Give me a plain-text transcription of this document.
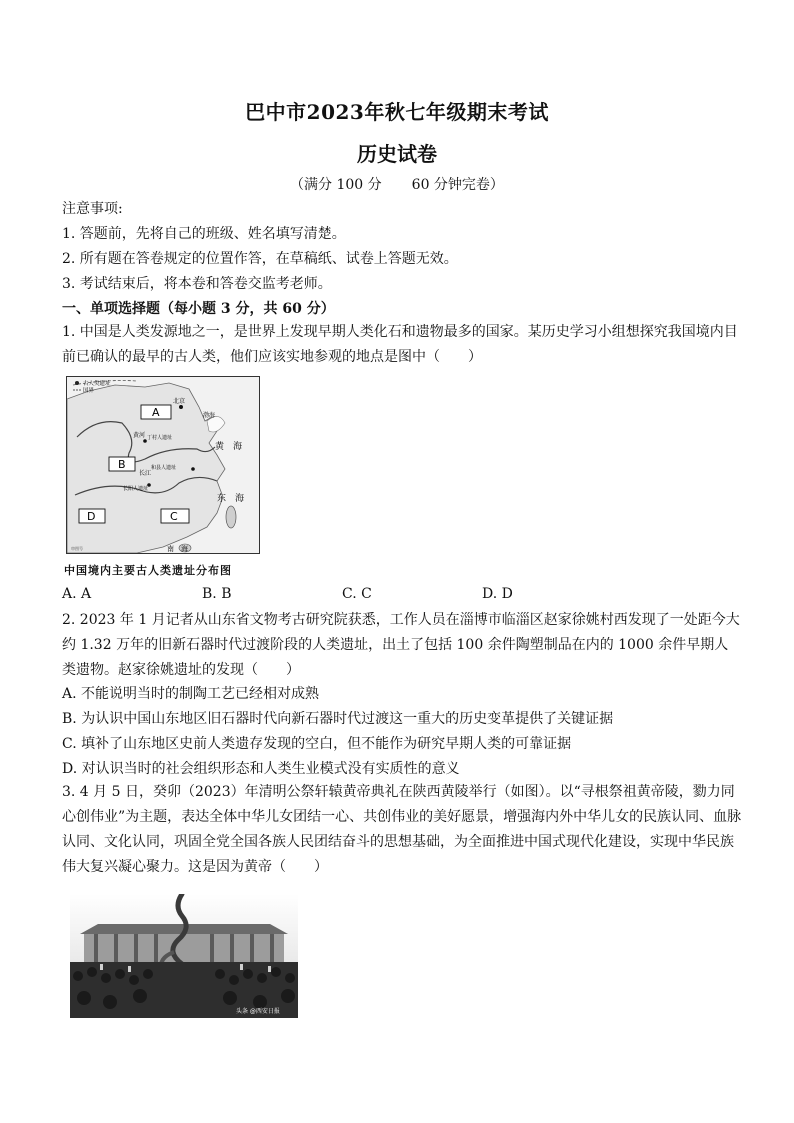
巴中市2023年秋七年级期末考试
历史试卷
（满分 100 分 60 分钟完卷）
注意事项:
1. 答题前，先将自己的班级、姓名填写清楚。
2. 所有题在答卷规定的位置作答，在草稿纸、试卷上答题无效。
3. 考试结束后，将本卷和答卷交监考老师。
一、单项选择题（每小题 3 分，共 60 分）
1. 中国是人类发源地之一，是世界上发现早期人类化石和遗物最多的国家。某历史学习小组想探究我国境内目前已确认的最早的古人类，他们应该实地参观的地点是图中（　　）
古人类遗址
国界
北京
渤海
黄　海
东　海
南　海
黄河
长江
丁村人遗址
和县人遗址
长阳人遗址
A
B
D	C
审图号
中国境内主要古人类遗址分布图
A. A	B. B	C. C	D. D
2. 2023 年 1 月记者从山东省文物考古研究院获悉，工作人员在淄博市临淄区赵家徐姚村西发现了一处距今大约 1.32 万年的旧新石器时代过渡阶段的人类遗址，出土了包括 100 余件陶塑制品在内的 1000 余件早期人类遗物。赵家徐姚遗址的发现（　　）
A. 不能说明当时的制陶工艺已经相对成熟
B. 为认识中国山东地区旧石器时代向新石器时代过渡这一重大的历史变革提供了关键证据
C. 填补了山东地区史前人类遗存发现的空白，但不能作为研究早期人类的可靠证据
D. 对认识当时的社会组织形态和人类生业模式没有实质性的意义
3. 4 月 5 日，癸卯（2023）年清明公祭轩辕黄帝典礼在陕西黄陵举行（如图）。以“寻根祭祖黄帝陵，勠力同心创伟业”为主题，表达全体中华儿女团结一心、共创伟业的美好愿景，增强海内外中华儿女的民族认同、血脉认同、文化认同，巩固全党全国各族人民团结奋斗的思想基础，为全面推进中国式现代化建设，实现中华民族伟大复兴凝心聚力。这是因为黄帝（　　）
头条 @西安日报
